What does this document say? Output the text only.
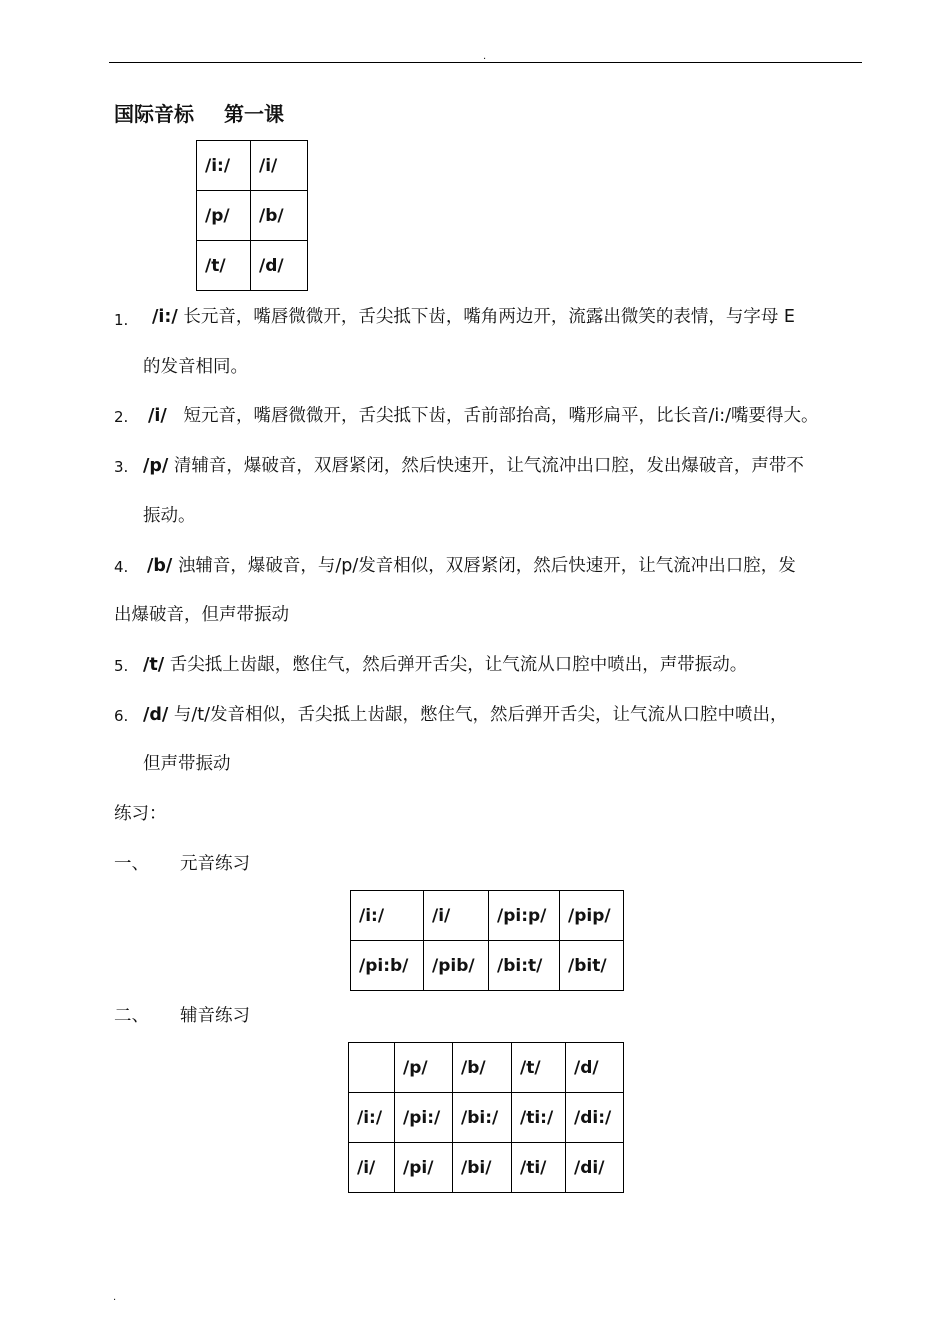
.
国际音标 第一课
/i:/	/i/
/p/	/b/
/t/	/d/
1. /i:/ 长元音，嘴唇微微开，舌尖抵下齿，嘴角两边开，流露出微笑的表情，与字母 E
的发音相同。
2. /i/ 短元音，嘴唇微微开，舌尖抵下齿，舌前部抬高，嘴形扁平，比长音/i:/嘴要得大。
3. /p/ 清辅音，爆破音，双唇紧闭，然后快速开，让气流冲出口腔，发出爆破音，声带不
振动。
4. /b/ 浊辅音，爆破音，与/p/发音相似，双唇紧闭，然后快速开，让气流冲出口腔，发
出爆破音，但声带振动
5. /t/ 舌尖抵上齿龈，憋住气，然后弹开舌尖，让气流从口腔中喷出，声带振动。
6. /d/ 与/t/发音相似，舌尖抵上齿龈，憋住气，然后弹开舌尖，让气流从口腔中喷出，
但声带振动
练习：
一、 元音练习
/i:/	/i/	/pi:p/	/pip/
/pi:b/	/pib/	/bi:t/	/bit/
二、 辅音练习
	/p/	/b/	/t/	/d/
/i:/	/pi:/	/bi:/	/ti:/	/di:/
/i/	/pi/	/bi/	/ti/	/di/
.
